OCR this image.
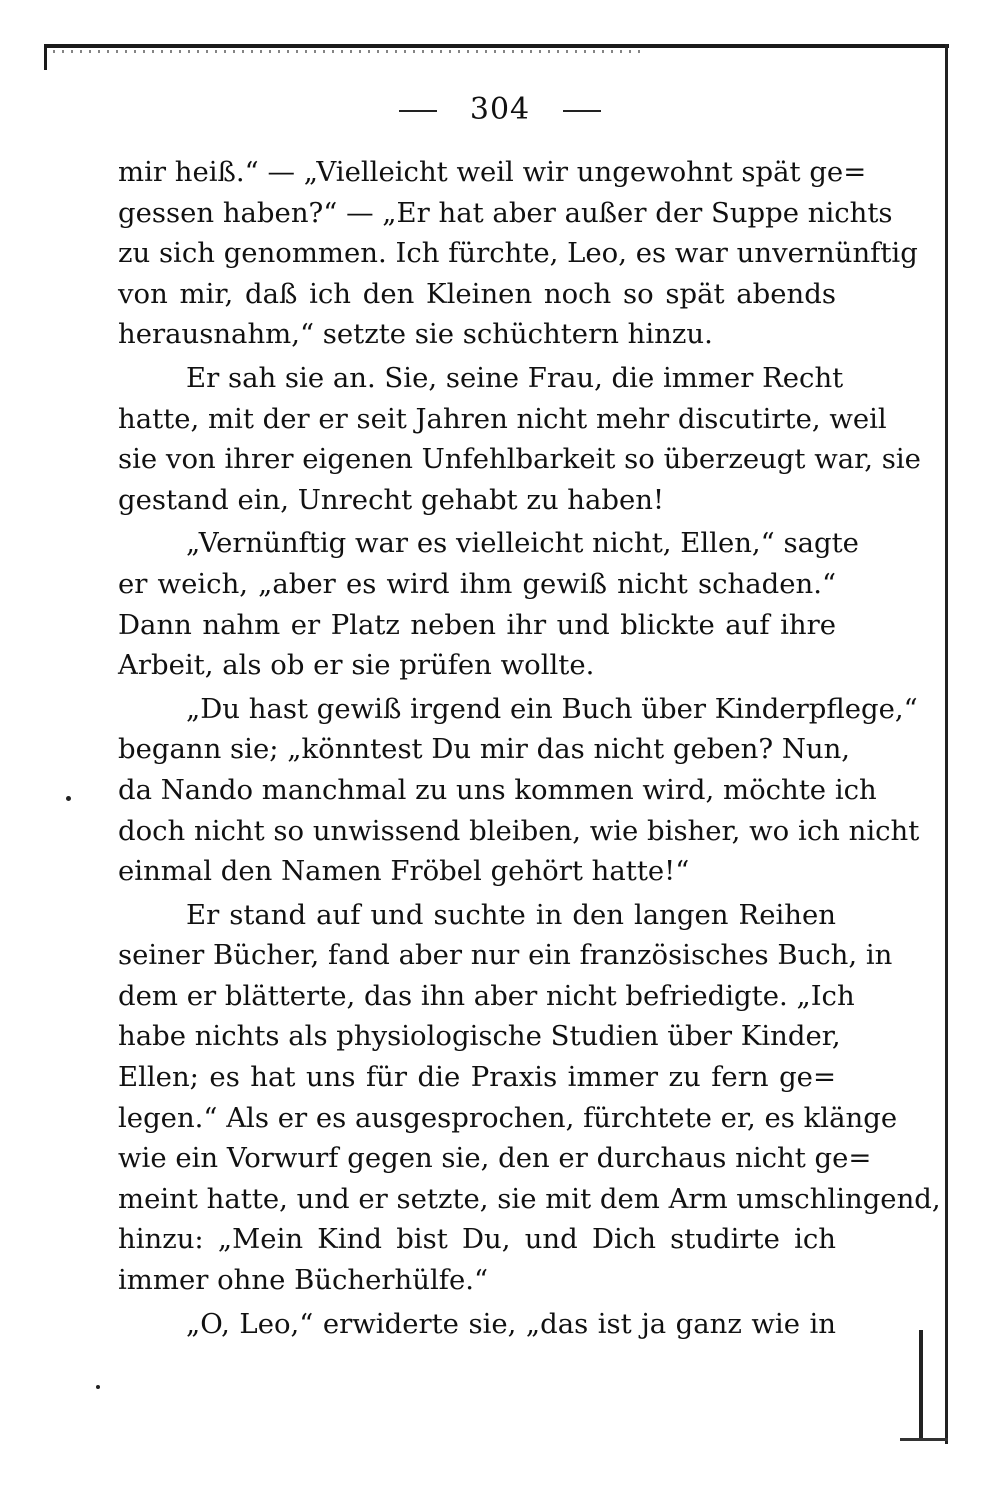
304

mir heiß.“ — „Vielleicht weil wir ungewohnt spät ge=
gessen haben?“ — „Er hat aber außer der Suppe nichts
zu sich genommen. Ich fürchte, Leo, es war unvernünftig
von mir, daß ich den Kleinen noch so spät abends
herausnahm,“ setzte sie schüchtern hinzu.

Er sah sie an. Sie, seine Frau, die immer Recht
hatte, mit der er seit Jahren nicht mehr discutirte, weil
sie von ihrer eigenen Unfehlbarkeit so überzeugt war, sie
gestand ein, Unrecht gehabt zu haben!

„Vernünftig war es vielleicht nicht, Ellen,“ sagte
er weich, „aber es wird ihm gewiß nicht schaden.“
Dann nahm er Platz neben ihr und blickte auf ihre
Arbeit, als ob er sie prüfen wollte.

„Du hast gewiß irgend ein Buch über Kinderpflege,“
begann sie; „könntest Du mir das nicht geben? Nun,
da Nando manchmal zu uns kommen wird, möchte ich
doch nicht so unwissend bleiben, wie bisher, wo ich nicht
einmal den Namen Fröbel gehört hatte!“

Er stand auf und suchte in den langen Reihen
seiner Bücher, fand aber nur ein französisches Buch, in
dem er blätterte, das ihn aber nicht befriedigte. „Ich
habe nichts als physiologische Studien über Kinder,
Ellen; es hat uns für die Praxis immer zu fern ge=
legen.“ Als er es ausgesprochen, fürchtete er, es klänge
wie ein Vorwurf gegen sie, den er durchaus nicht ge=
meint hatte, und er setzte, sie mit dem Arm umschlingend,
hinzu: „Mein Kind bist Du, und Dich studirte ich
immer ohne Bücherhülfe.“

„O, Leo,“ erwiderte sie, „das ist ja ganz wie in
